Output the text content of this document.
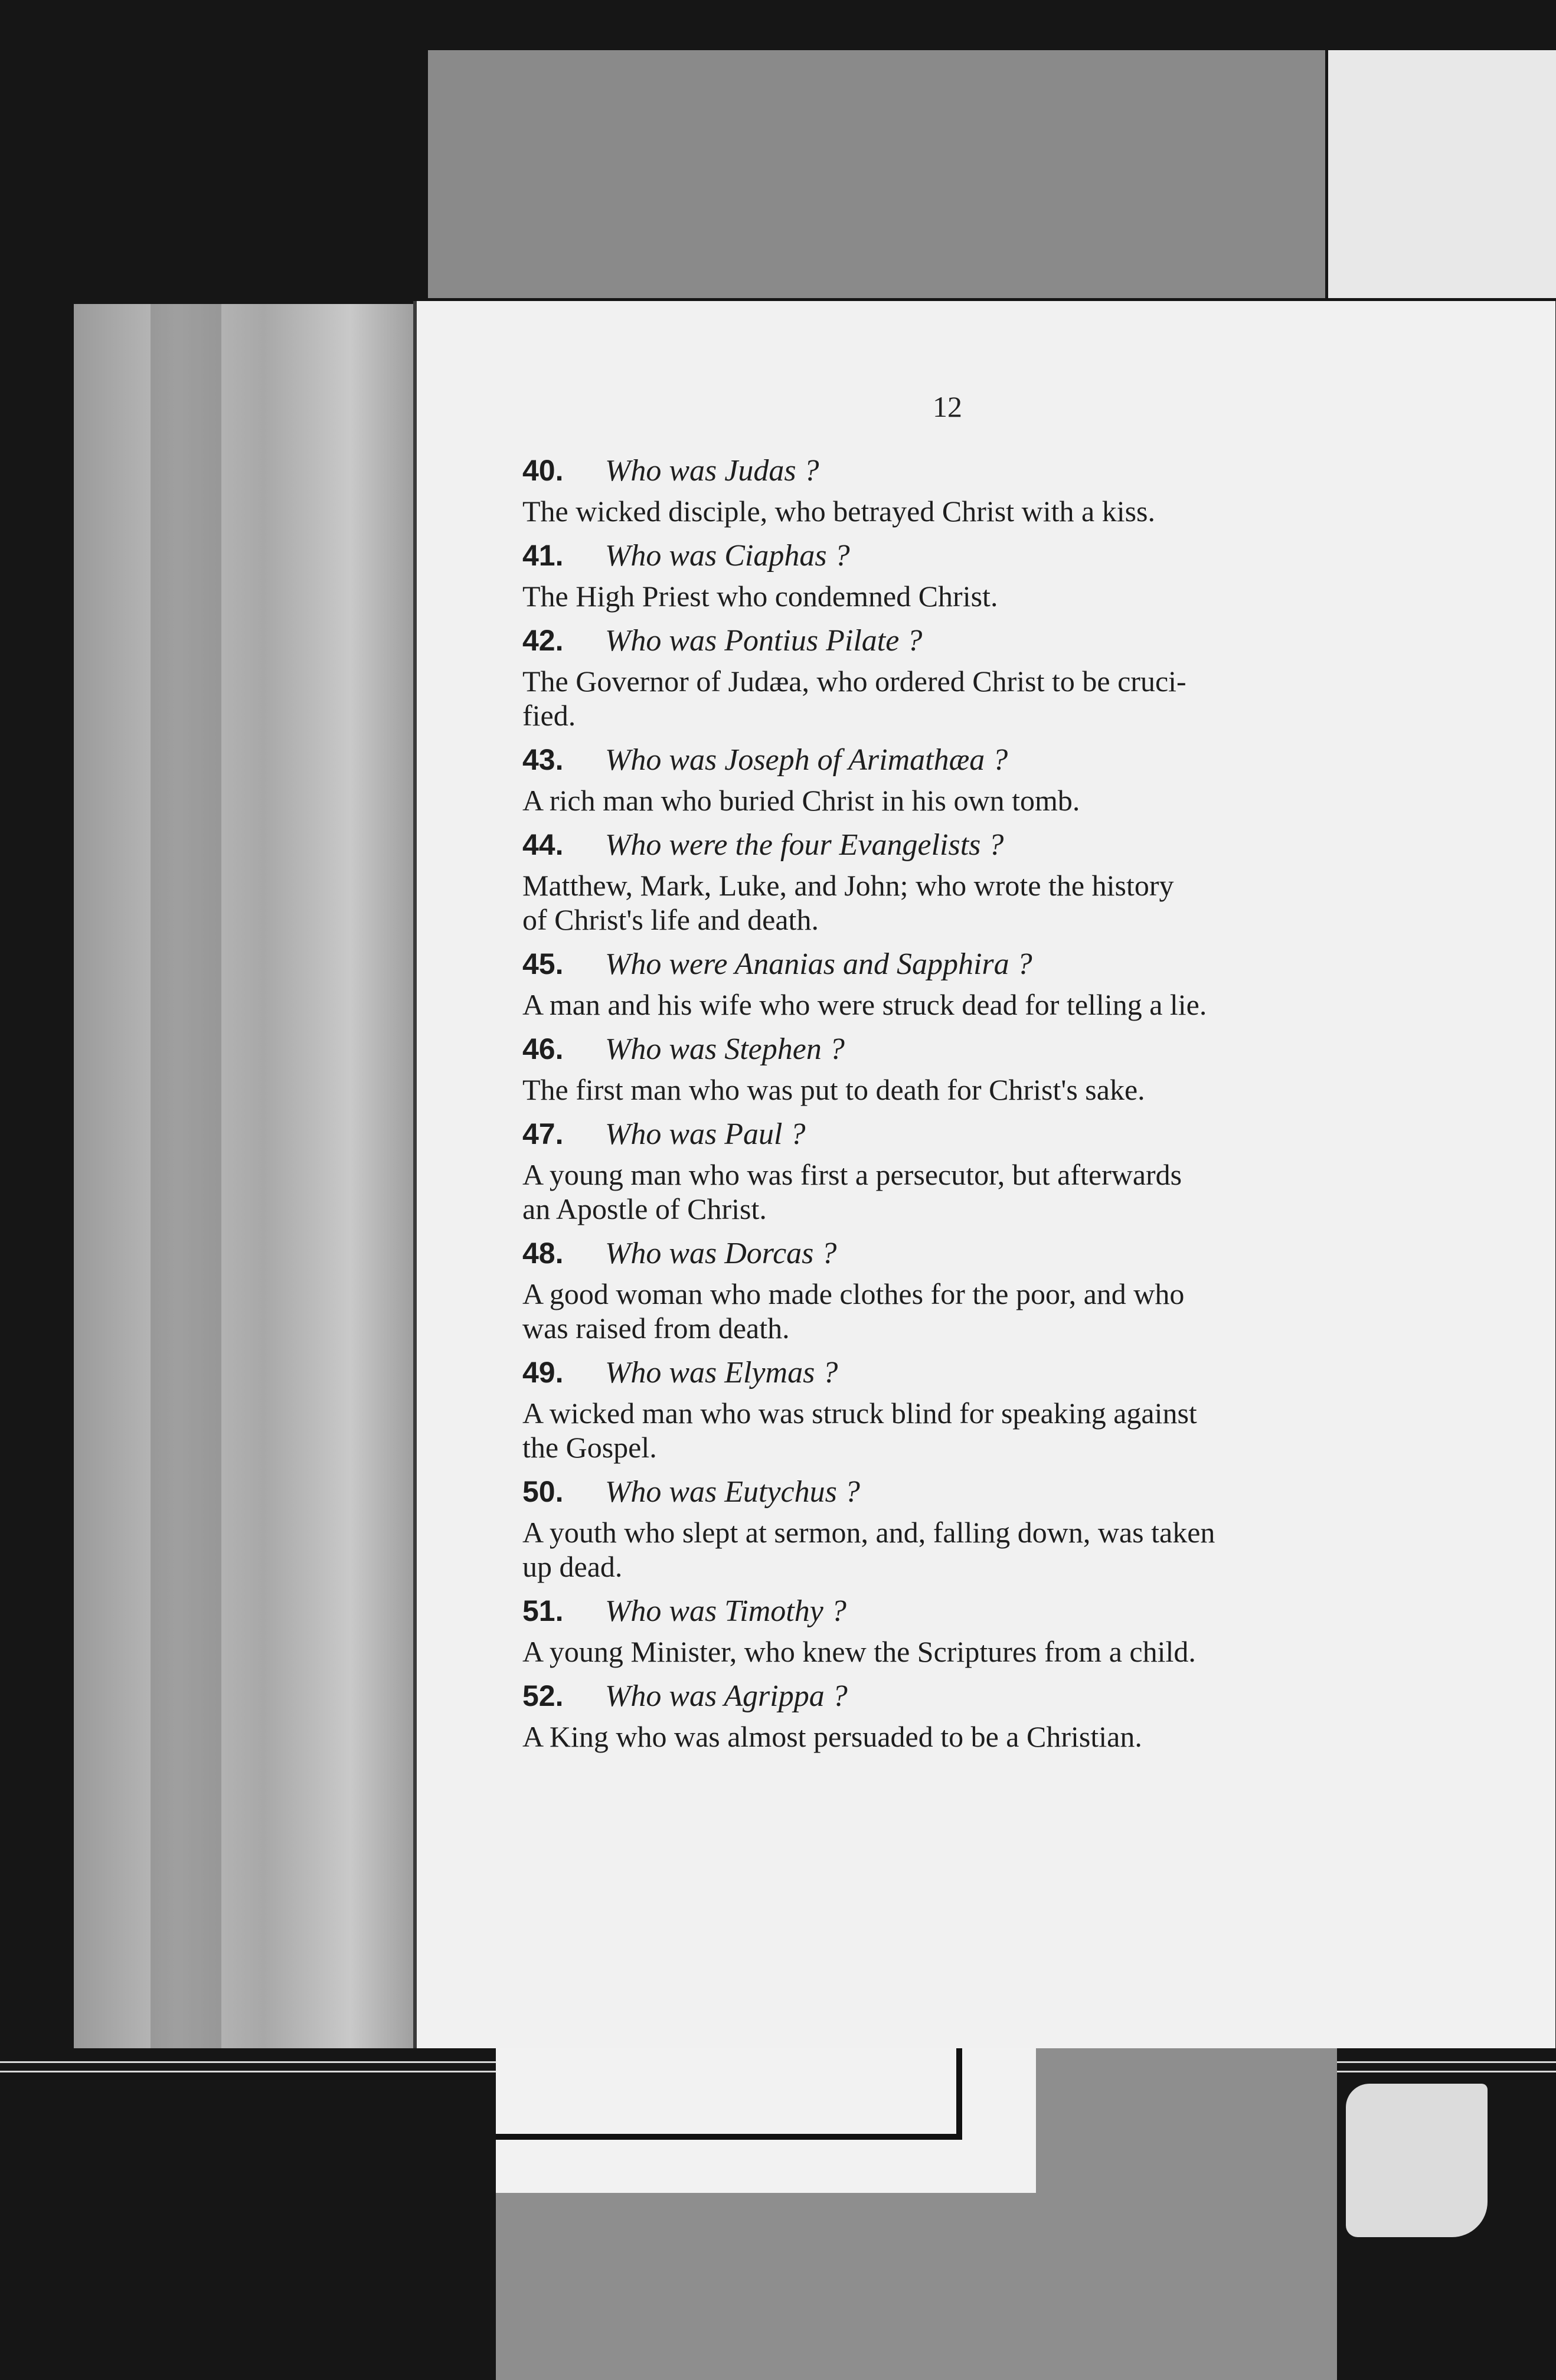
12
40. Who was Judas ?
The wicked disciple, who betrayed Christ with a kiss.
41. Who was Ciaphas ?
The High Priest who condemned Christ.
42. Who was Pontius Pilate ?
The Governor of Judæa, who ordered Christ to be cruci-
fied.
43. Who was Joseph of Arimathæa ?
A rich man who buried Christ in his own tomb.
44. Who were the four Evangelists ?
Matthew, Mark, Luke, and John; who wrote the history
of Christ's life and death.
45. Who were Ananias and Sapphira ?
A man and his wife who were struck dead for telling a lie.
46. Who was Stephen ?
The first man who was put to death for Christ's sake.
47. Who was Paul ?
A young man who was first a persecutor, but afterwards
an Apostle of Christ.
48. Who was Dorcas ?
A good woman who made clothes for the poor, and who
was raised from death.
49. Who was Elymas ?
A wicked man who was struck blind for speaking against
the Gospel.
50. Who was Eutychus ?
A youth who slept at sermon, and, falling down, was taken
up dead.
51. Who was Timothy ?
A young Minister, who knew the Scriptures from a child.
52. Who was Agrippa ?
A King who was almost persuaded to be a Christian.
